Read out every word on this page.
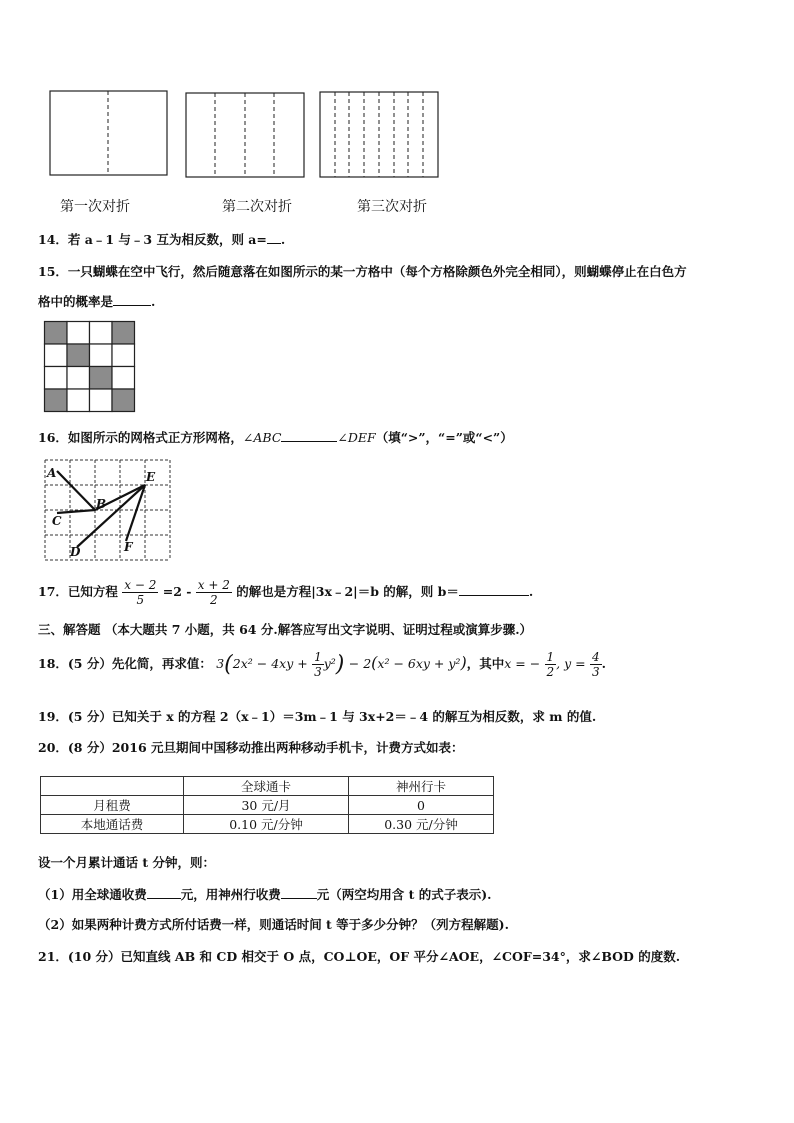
第一次对折	第二次对折	第三次对折
14．若 a﹣1 与﹣3 互为相反数，则 a= .
15．一只蝴蝶在空中飞行，然后随意落在如图所示的某一方格中（每个方格除颜色外完全相同），则蝴蝶停止在白色方
格中的概率是	.
16．如图所示的网格式正方形网格，∠ABC	∠DEF（填“>”，“=”或“<”）
A
B
C
D
E
F
17．已知方程 $\frac{x - 2}{5} =2 - \frac{x + 2}{2}$ 的解也是方程|3x﹣2|＝b 的解，则 b＝	.
三、解答题 （本大题共 7 小题，共 64 分.解答应写出文字说明、证明过程或演算步骤.）
18．(5 分）先化简，再求值： $3(2x^2 - 4xy + \frac{1}{3} y^2) - 2(x^2 - 6xy + y^2)$，其中x = − $\frac{1}{2}$ , $y = \frac{4}{3}$ .
19．(5 分）已知关于 x 的方程 2（x﹣1）＝3m﹣1 与 3x+2＝﹣4 的解互为相反数，求 m 的值.
20．(8 分）2016 元旦期间中国移动推出两种移动手机卡，计费方式如表：
	全球通卡	神州行卡
月租费	30 元/月	0
本地通话费	0.10 元/分钟	0.30 元/分钟
设一个月累计通话 t 分钟，则：
（1）用全球通收费	元，用神州行收费	元（两空均用含 t 的式子表示).
（2）如果两种计费方式所付话费一样，则通话时间 t 等于多少分钟？（列方程解题).
21．(10 分）已知直线 AB 和 CD 相交于 O 点，CO⊥OE，OF 平分∠AOE，∠COF=34°，求∠BOD 的度数.
